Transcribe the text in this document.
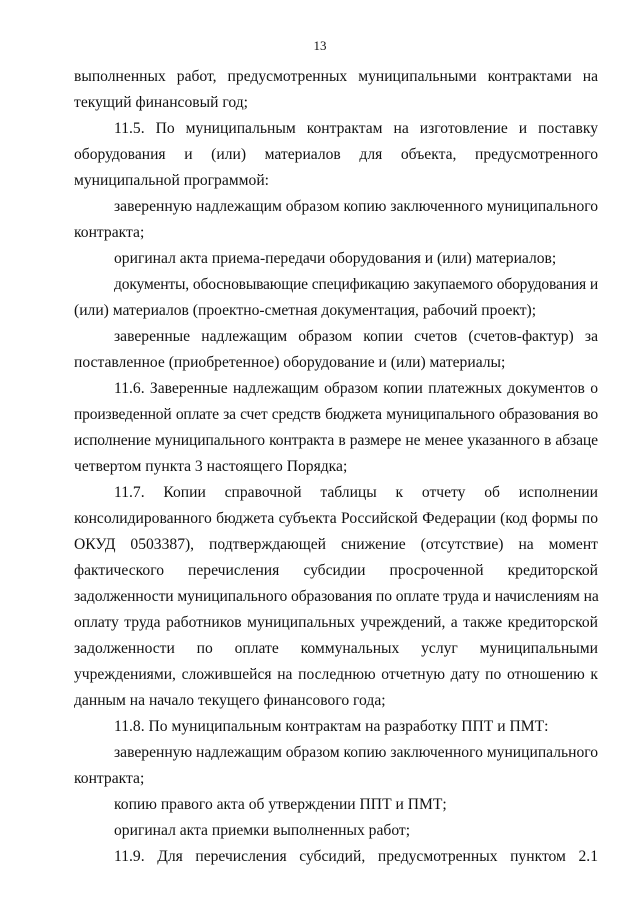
13
выполненных работ, предусмотренных муниципальными контрактами на
текущий финансовый год;
11.5. По муниципальным контрактам на изготовление и поставку
оборудования и (или) материалов для объекта, предусмотренного
муниципальной программой:
заверенную надлежащим образом копию заключенного муниципального
контракта;
оригинал акта приема-передачи оборудования и (или) материалов;
документы, обосновывающие спецификацию закупаемого оборудования и
(или) материалов (проектно-сметная документация, рабочий проект);
заверенные надлежащим образом копии счетов (счетов-фактур) за
поставленное (приобретенное) оборудование и (или) материалы;
11.6. Заверенные надлежащим образом копии платежных документов о
произведенной оплате за счет средств бюджета муниципального образования во
исполнение муниципального контракта в размере не менее указанного в абзаце
четвертом пункта 3 настоящего Порядка;
11.7. Копии справочной таблицы к отчету об исполнении
консолидированного бюджета субъекта Российской Федерации (код формы по
ОКУД 0503387), подтверждающей снижение (отсутствие) на момент
фактического перечисления субсидии просроченной кредиторской
задолженности муниципального образования по оплате труда и начислениям на
оплату труда работников муниципальных учреждений, а также кредиторской
задолженности по оплате коммунальных услуг муниципальными
учреждениями, сложившейся на последнюю отчетную дату по отношению к
данным на начало текущего финансового года;
11.8. По муниципальным контрактам на разработку ППТ и ПМТ:
заверенную надлежащим образом копию заключенного муниципального
контракта;
копию правого акта об утверждении ППТ и ПМТ;
оригинал акта приемки выполненных работ;
11.9. Для перечисления субсидий, предусмотренных пунктом 2.1
